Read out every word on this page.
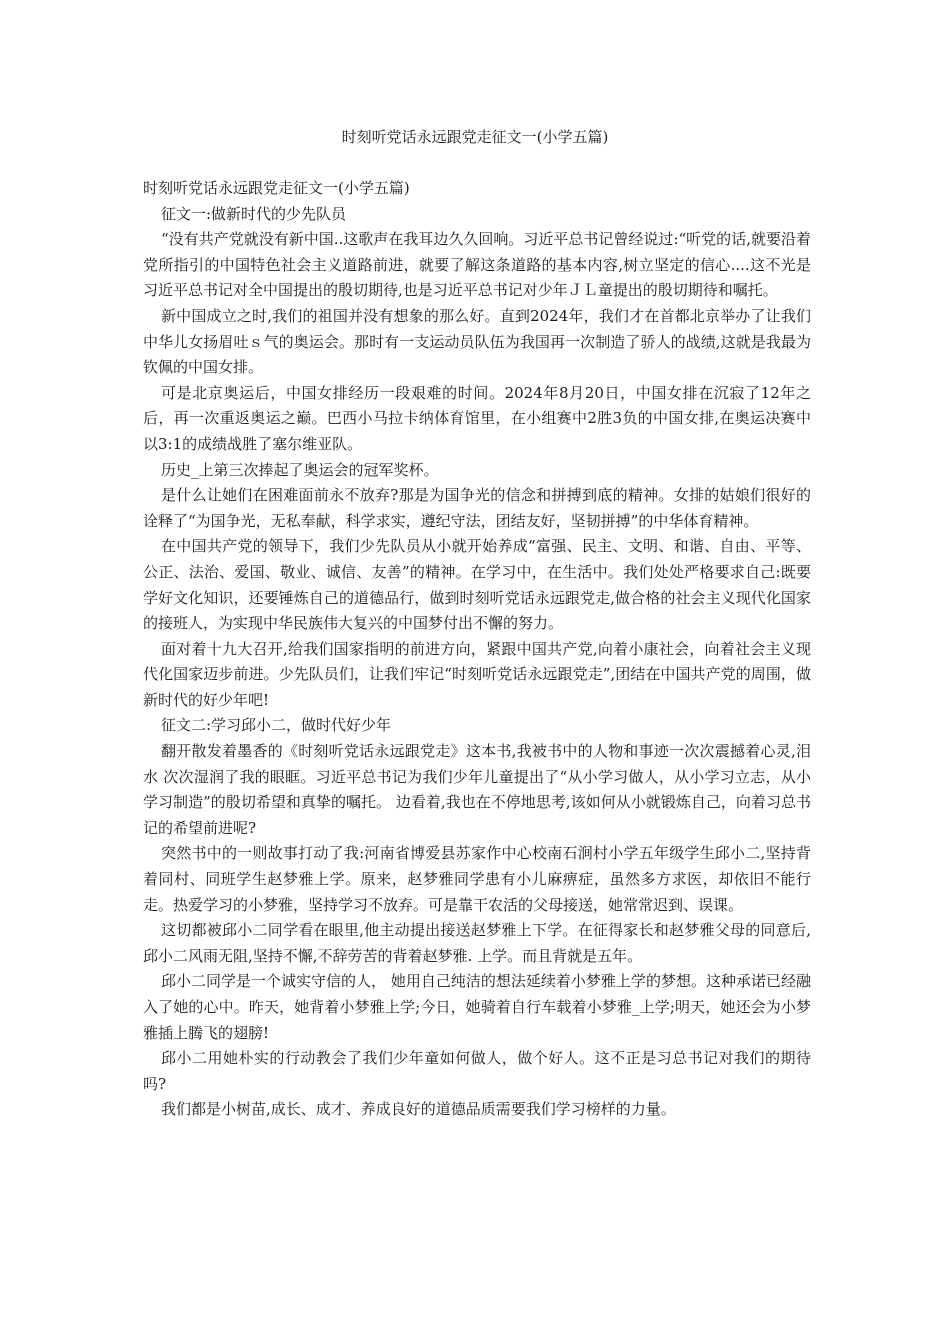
时刻听党话永远跟党走征文一(小学五篇)

时刻听党话永远跟党走征文一(小学五篇)

征文一:做新时代的少先队员

“没有共产党就没有新中国..这歌声在我耳边久久回响。习近平总书记曾经说过:“听党的话,就要沿着党所指引的中国特色社会主义道路前进，就要了解这条道路的基本内容,树立坚定的信心....这不光是习近平总书记对全中国提出的殷切期待,也是习近平总书记对少年ＪＬ童提出的殷切期待和嘱托。

新中国成立之时,我们的祖国并没有想象的那么好。直到2024年，我们才在首都北京举办了让我们中华儿女扬眉吐ｓ气的奥运会。那时有一支运动员队伍为我国再一次制造了骄人的战绩,这就是我最为钦佩的中国女排。

可是北京奥运后，中国女排经历一段艰难的时间。2024年8月20日，中国女排在沉寂了12年之后，再一次重返奥运之巅。巴西小马拉卡纳体育馆里，在小组赛中2胜3负的中国女排,在奥运决赛中以3:1的成绩战胜了塞尔维亚队。

历史_上第三次捧起了奥运会的冠军奖杯。

是什么让她们在困难面前永不放弃?那是为国争光的信念和拼搏到底的精神。女排的姑娘们很好的诠释了“为国争光，无私奉献，科学求实，遵纪守法，团结友好，坚韧拼搏”的中华体育精神。

在中国共产党的领导下，我们少先队员从小就开始养成“富强、民主、文明、和谐、自由、平等、公正、法治、爱国、敬业、诚信、友善”的精神。在学习中，在生活中。我们处处严格要求自己:既要学好文化知识，还要锤炼自己的道德品行，做到时刻听党话永远跟党走,做合格的社会主义现代化国家的接班人，为实现中华民族伟大复兴的中国梦付出不懈的努力。

面对着十九大召开,给我们国家指明的前进方向，紧跟中国共产党,向着小康社会，向着社会主义现代化国家迈步前进。少先队员们，让我们牢记“时刻听党话永远跟党走”,团结在中国共产党的周围，做新时代的好少年吧!

征文二:学习邱小二，做时代好少年

翻开散发着墨香的《时刻听党话永远跟党走》这本书,我被书中的人物和事迹一次次震撼着心灵,泪水 次次湿润了我的眼眶。习近平总书记为我们少年儿童提出了“从小学习做人，从小学习立志，从小学习制造”的殷切希望和真挚的嘱托。 边看着,我也在不停地思考,该如何从小就锻炼自己，向着习总书记的希望前进呢?

突然书中的一则故事打动了我:河南省博爱县苏家作中心校南石涧村小学五年级学生邱小二,坚持背着同村、同班学生赵梦雅上学。原来，赵梦雅同学患有小儿麻痹症，虽然多方求医，却依旧不能行走。热爱学习的小梦雅，坚持学习不放弃。可是靠干农活的父母接送，她常常迟到、误课。

这切都被邱小二同学看在眼里,他主动提出接送赵梦雅上下学。在征得家长和赵梦雅父母的同意后,邱小二风雨无阻,坚持不懈,不辞劳苦的背着赵梦雅. 上学。而且背就是五年。

邱小二同学是一个诚实守信的人， 她用自己纯洁的想法延续着小梦雅上学的梦想。这种承诺已经融入了她的心中。昨天，她背着小梦雅上学;今日，她骑着自行车载着小梦雅_上学;明天，她还会为小梦雅插上腾飞的翅膀!

邱小二用她朴实的行动教会了我们少年童如何做人，做个好人。这不正是习总书记对我们的期待吗?

我们都是小树苗,成长、成才、养成良好的道德品质需要我们学习榜样的力量。
